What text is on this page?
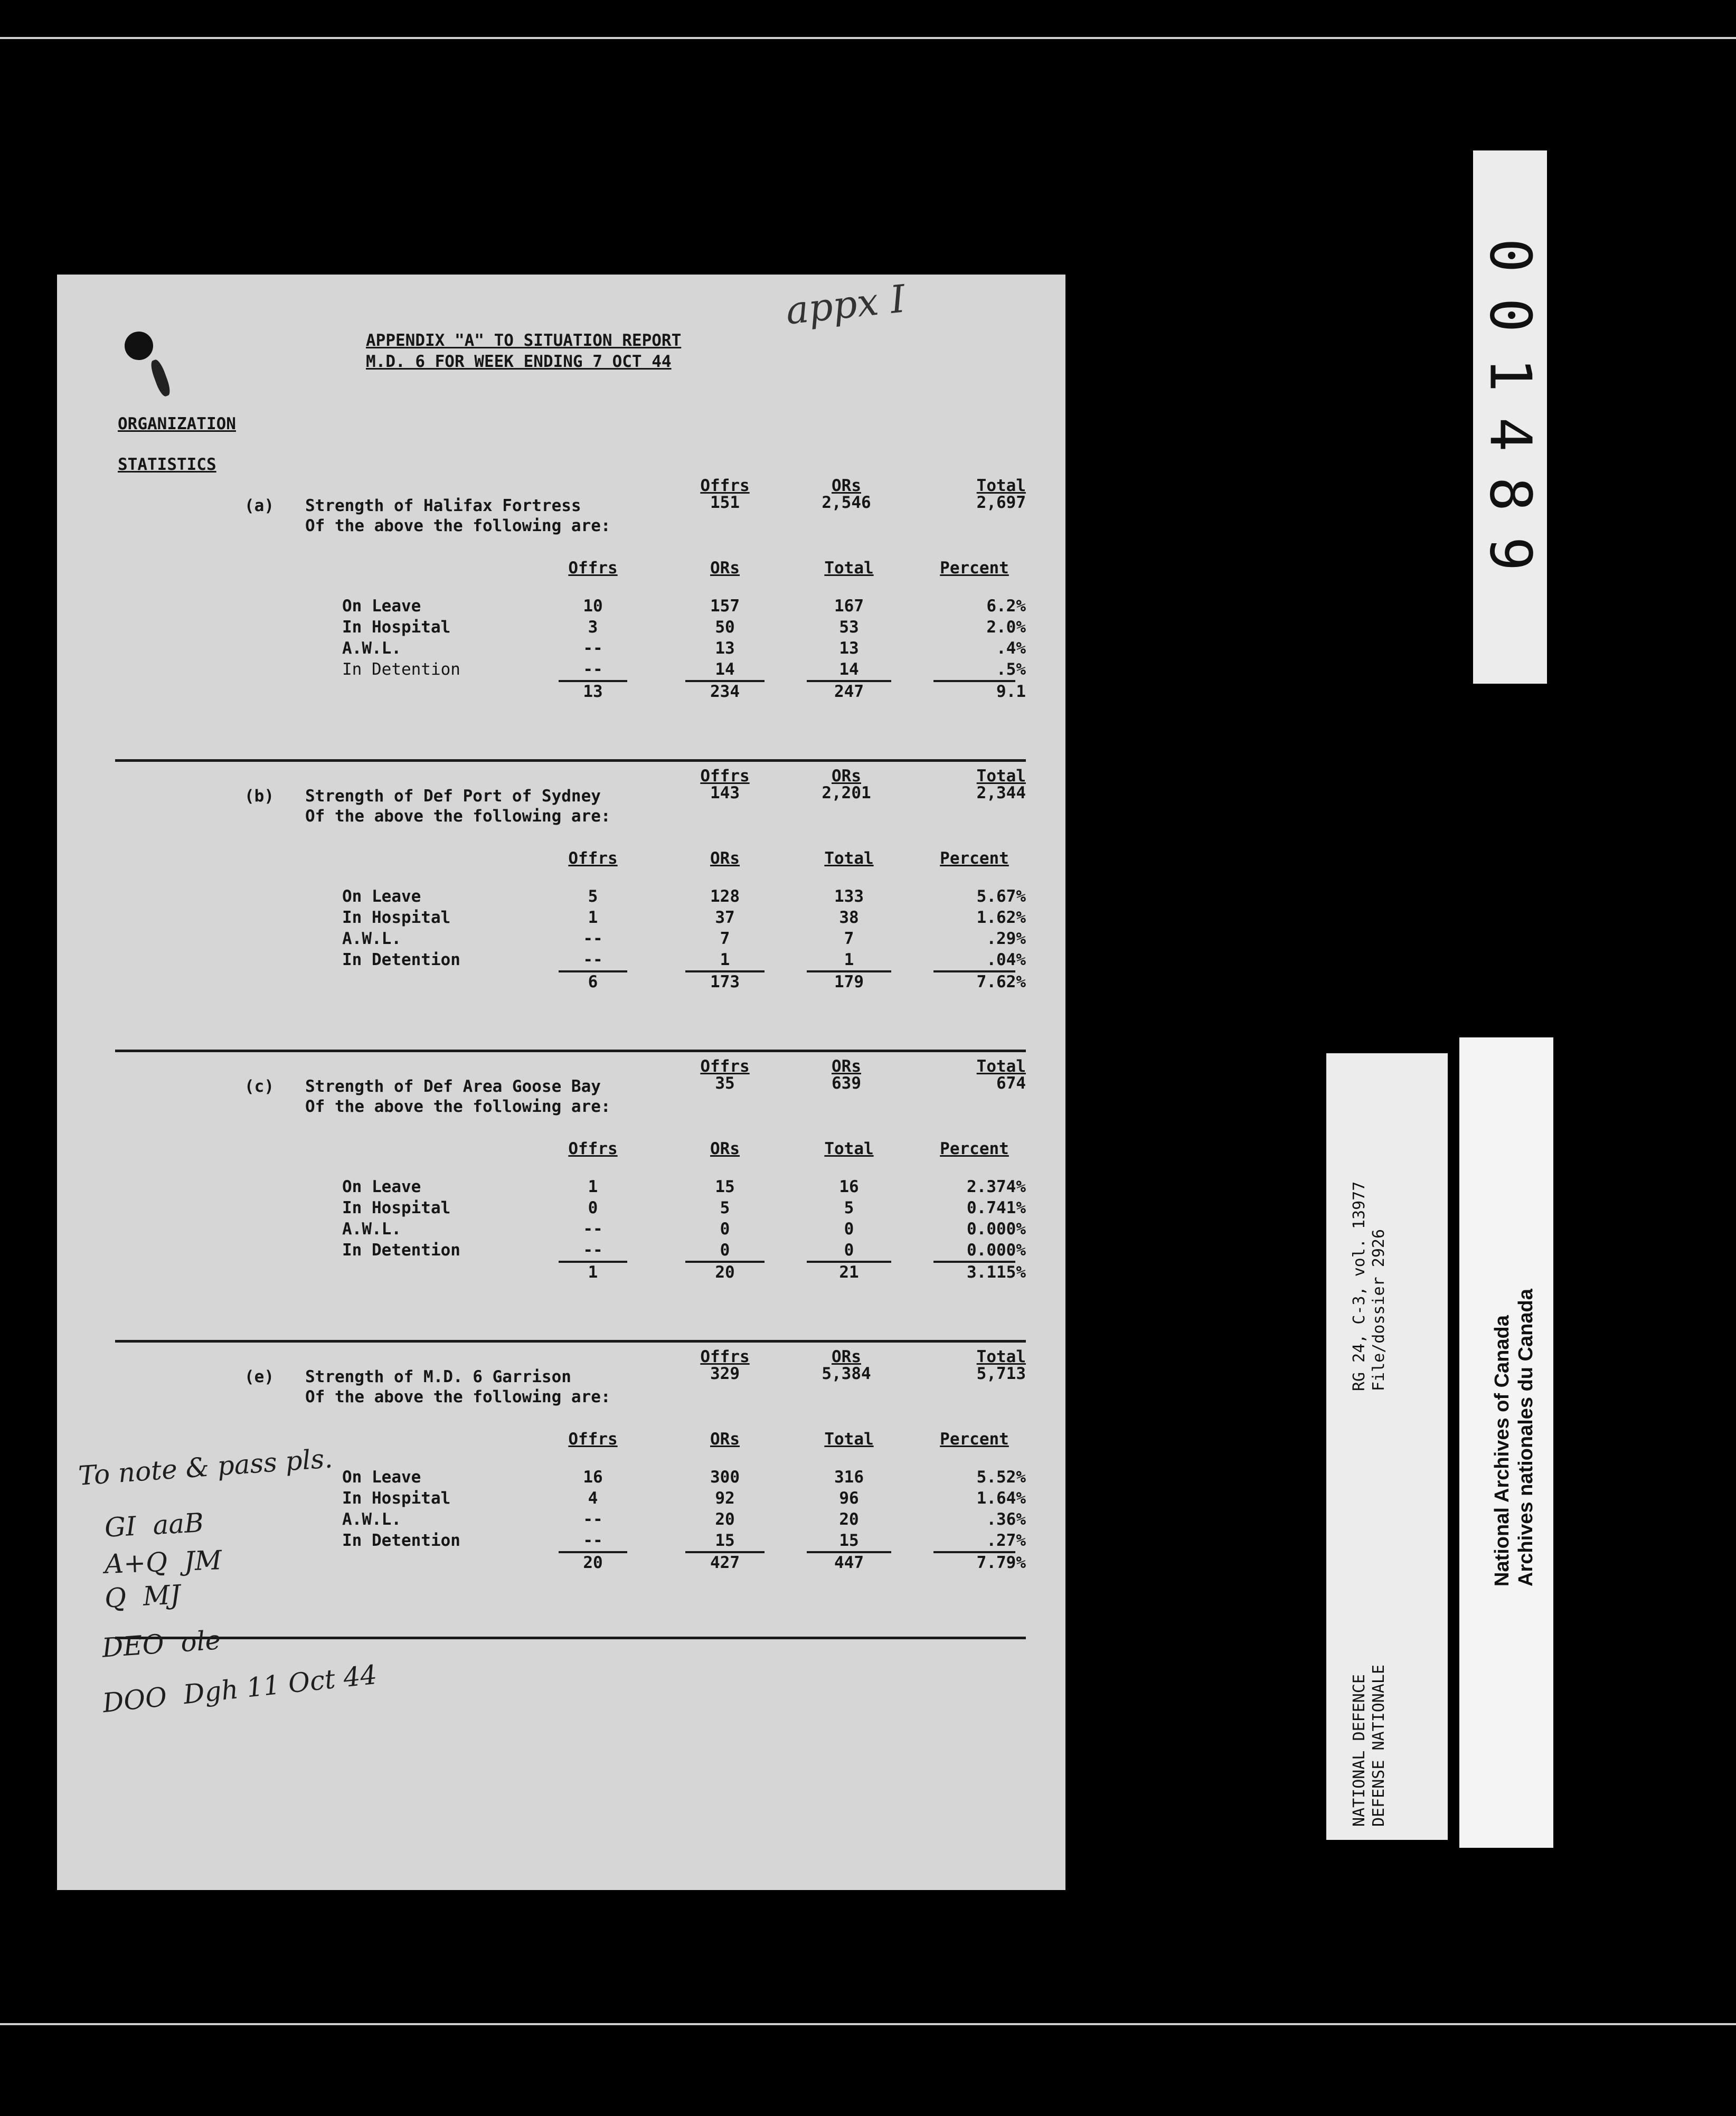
appx I
APPENDIX "A" TO SITUATION REPORT
M.D. 6 FOR WEEK ENDING 7 OCT 44
ORGANIZATION
STATISTICS
(a) Strength of Halifax Fortress
Of the above the following are:
Offrs	ORs	Total
151	2,546	2,697
Offrs	ORs	Total	Percent
On Leave	10	157	167	6.2%
In Hospital	3	50	53	2.0%
A.W.L.	--	13	13	.4%
In Detention	--	14	14	.5%
13	234	247	9.1
(b) Strength of Def Port of Sydney
Of the above the following are:
Offrs	ORs	Total
143	2,201	2,344
Offrs	ORs	Total	Percent
On Leave	5	128	133	5.67%
In Hospital	1	37	38	1.62%
A.W.L.	--	7	7	.29%
In Detention	--	1	1	.04%
6	173	179	7.62%
(c) Strength of Def Area Goose Bay
Of the above the following are:
Offrs	ORs	Total
35	639	674
Offrs	ORs	Total	Percent
On Leave	1	15	16	2.374%
In Hospital	0	5	5	0.741%
A.W.L.	--	0	0	0.000%
In Detention	--	0	0	0.000%
1	20	21	3.115%
(e) Strength of M.D. 6 Garrison
Of the above the following are:
Offrs	ORs	Total
329	5,384	5,713
Offrs	ORs	Total	Percent
On Leave	16	300	316	5.52%
In Hospital	4	92	96	1.64%
A.W.L.	--	20	20	.36%
In Detention	--	15	15	.27%
20	427	447	7.79%
To note & pass pls.
GI  aaB
A+Q  JM
Q  MJ
DEO  ole
DOO  Dgh 11 Oct 44
001489
RG 24, C-3, vol. 13977 File/dossier 2926
NATIONAL DEFENCE DEFENSE NATIONALE
National Archives of Canada Archives nationales du Canada
